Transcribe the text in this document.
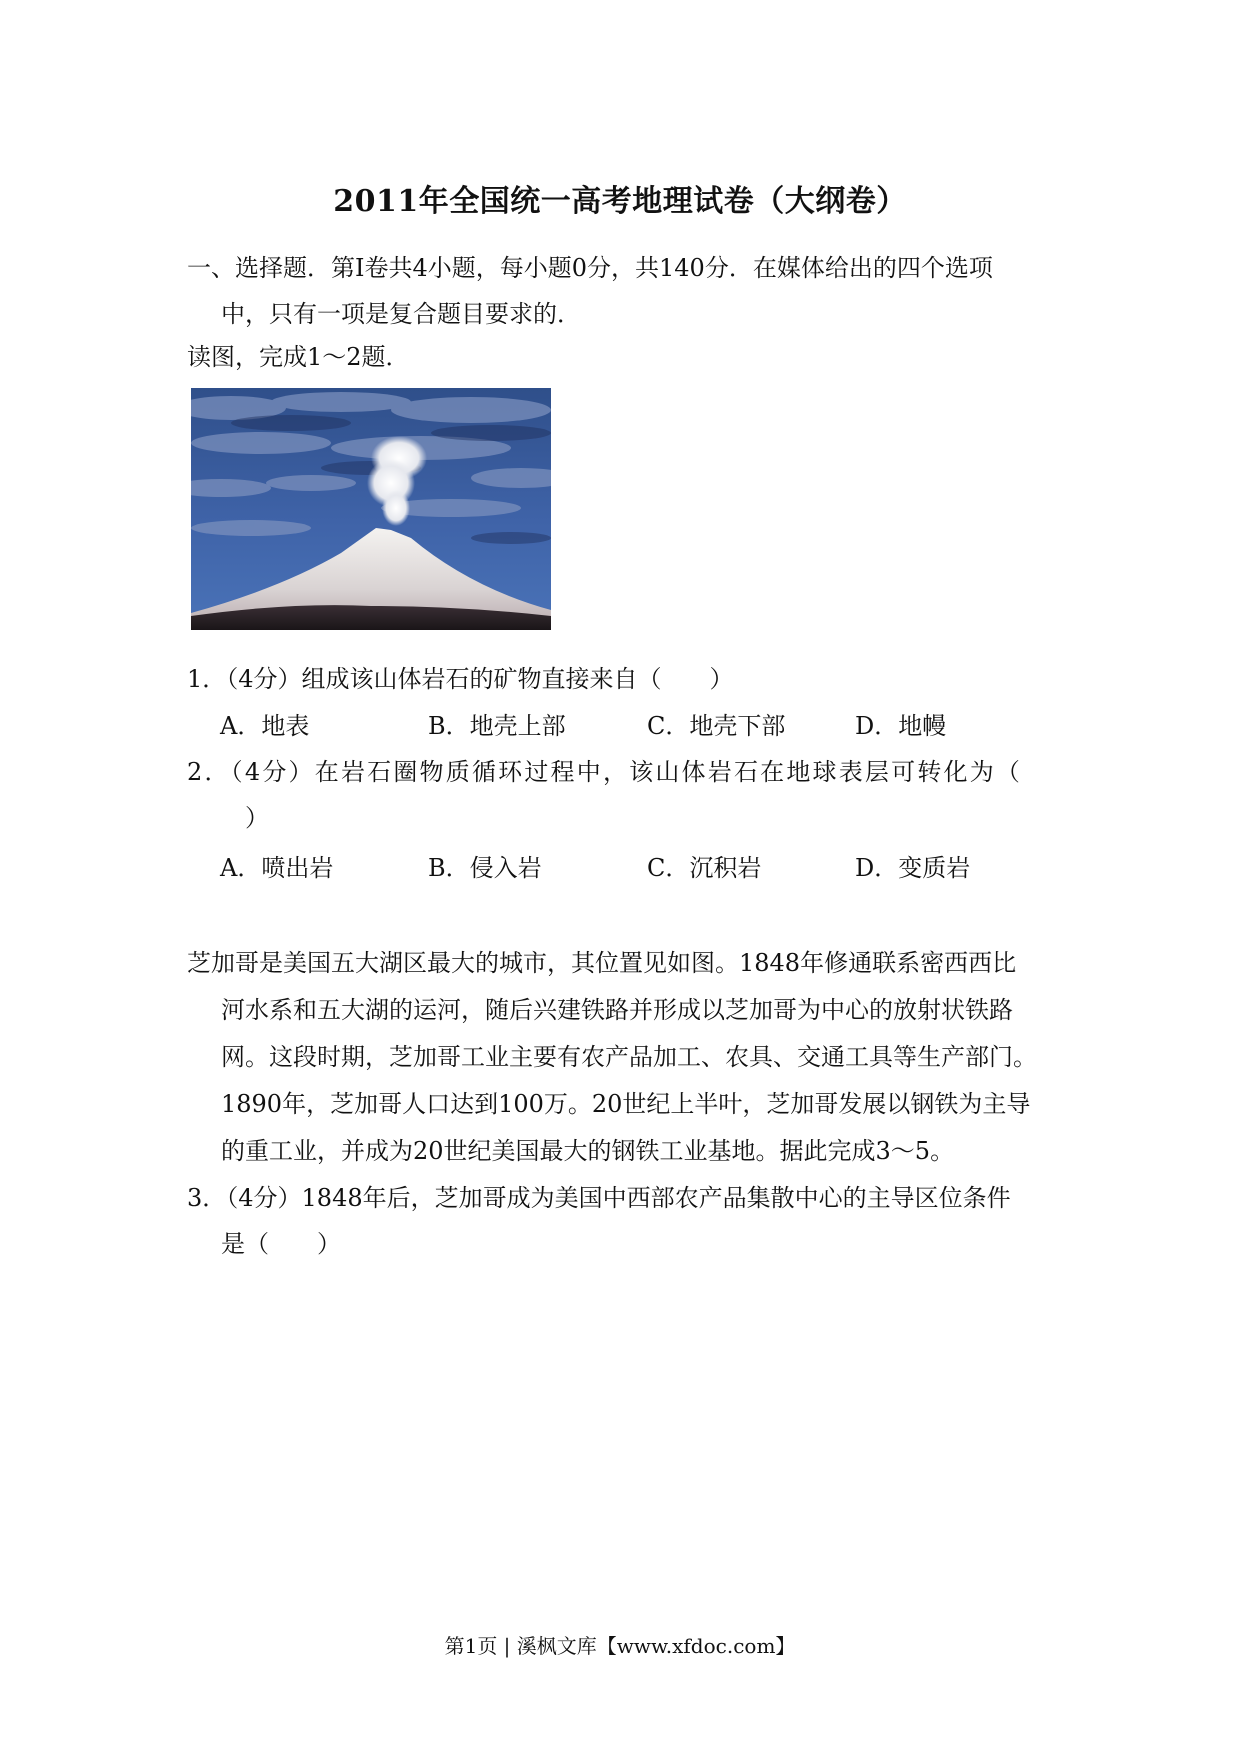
2011年全国统一高考地理试卷（大纲卷）
一、选择题．第I卷共4小题，每小题0分，共140分．在媒体给出的四个选项
中，只有一项是复合题目要求的．
读图，完成1～2题．
1．（4分）组成该山体岩石的矿物直接来自（　　）
A．地表	B．地壳上部	C．地壳下部	D．地幔
2．（4分）在岩石圈物质循环过程中，该山体岩石在地球表层可转化为（
）
A．喷出岩	B．侵入岩	C．沉积岩	D．变质岩
芝加哥是美国五大湖区最大的城市，其位置见如图。1848年修通联系密西西比
河水系和五大湖的运河，随后兴建铁路并形成以芝加哥为中心的放射状铁路
网。这段时期，芝加哥工业主要有农产品加工、农具、交通工具等生产部门。
1890年，芝加哥人口达到100万。20世纪上半叶，芝加哥发展以钢铁为主导
的重工业，并成为20世纪美国最大的钢铁工业基地。据此完成3～5。
3．（4分）1848年后，芝加哥成为美国中西部农产品集散中心的主导区位条件
是（　　）
第1页 | 溪枫文库【www.xfdoc.com】
